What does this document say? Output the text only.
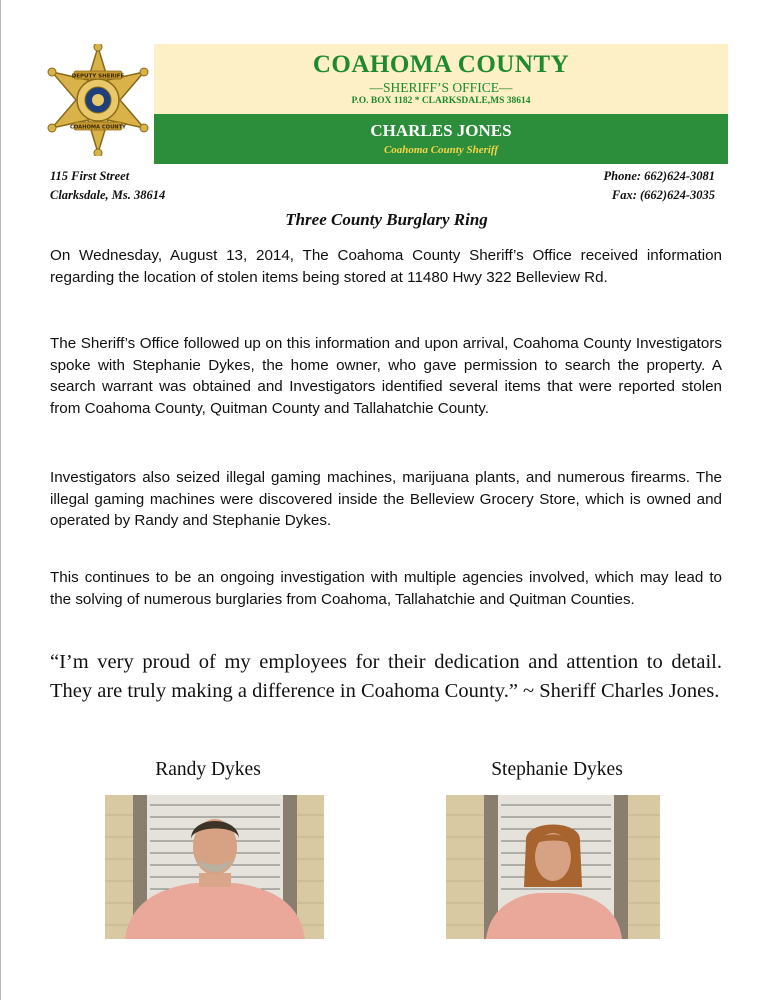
DEPUTY SHERIFF
COAHOMA COUNTY
COAHOMA COUNTY
—SHERIFF’S OFFICE—
P.O. BOX 1182 * CLARKSDALE,MS 38614
CHARLES JONES
Coahoma County Sheriff
115 First Street
Clarksdale, Ms. 38614
Phone: 662)624-3081
Fax: (662)624-3035
Three County Burglary Ring

On Wednesday, August 13, 2014, The Coahoma County Sheriff’s Office received information regarding the location of stolen items being stored at 11480 Hwy 322 Belleview Rd.

The Sheriff’s Office followed up on this information and upon arrival, Coahoma County Investigators spoke with Stephanie Dykes, the home owner, who gave permission to search the property. A search warrant was obtained and Investigators identified several items that were reported stolen from Coahoma County, Quitman County and Tallahatchie County.

Investigators also seized illegal gaming machines, marijuana plants, and numerous firearms. The illegal gaming machines were discovered inside the Belleview Grocery Store, which is owned and operated by Randy and Stephanie Dykes.

This continues to be an ongoing investigation with multiple agencies involved, which may lead to the solving of numerous burglaries from Coahoma, Tallahatchie and Quitman Counties.

“I’m very proud of my employees for their dedication and attention to detail. They are truly making a difference in Coahoma County.” ~ Sheriff Charles Jones.

Randy Dykes	Stephanie Dykes
